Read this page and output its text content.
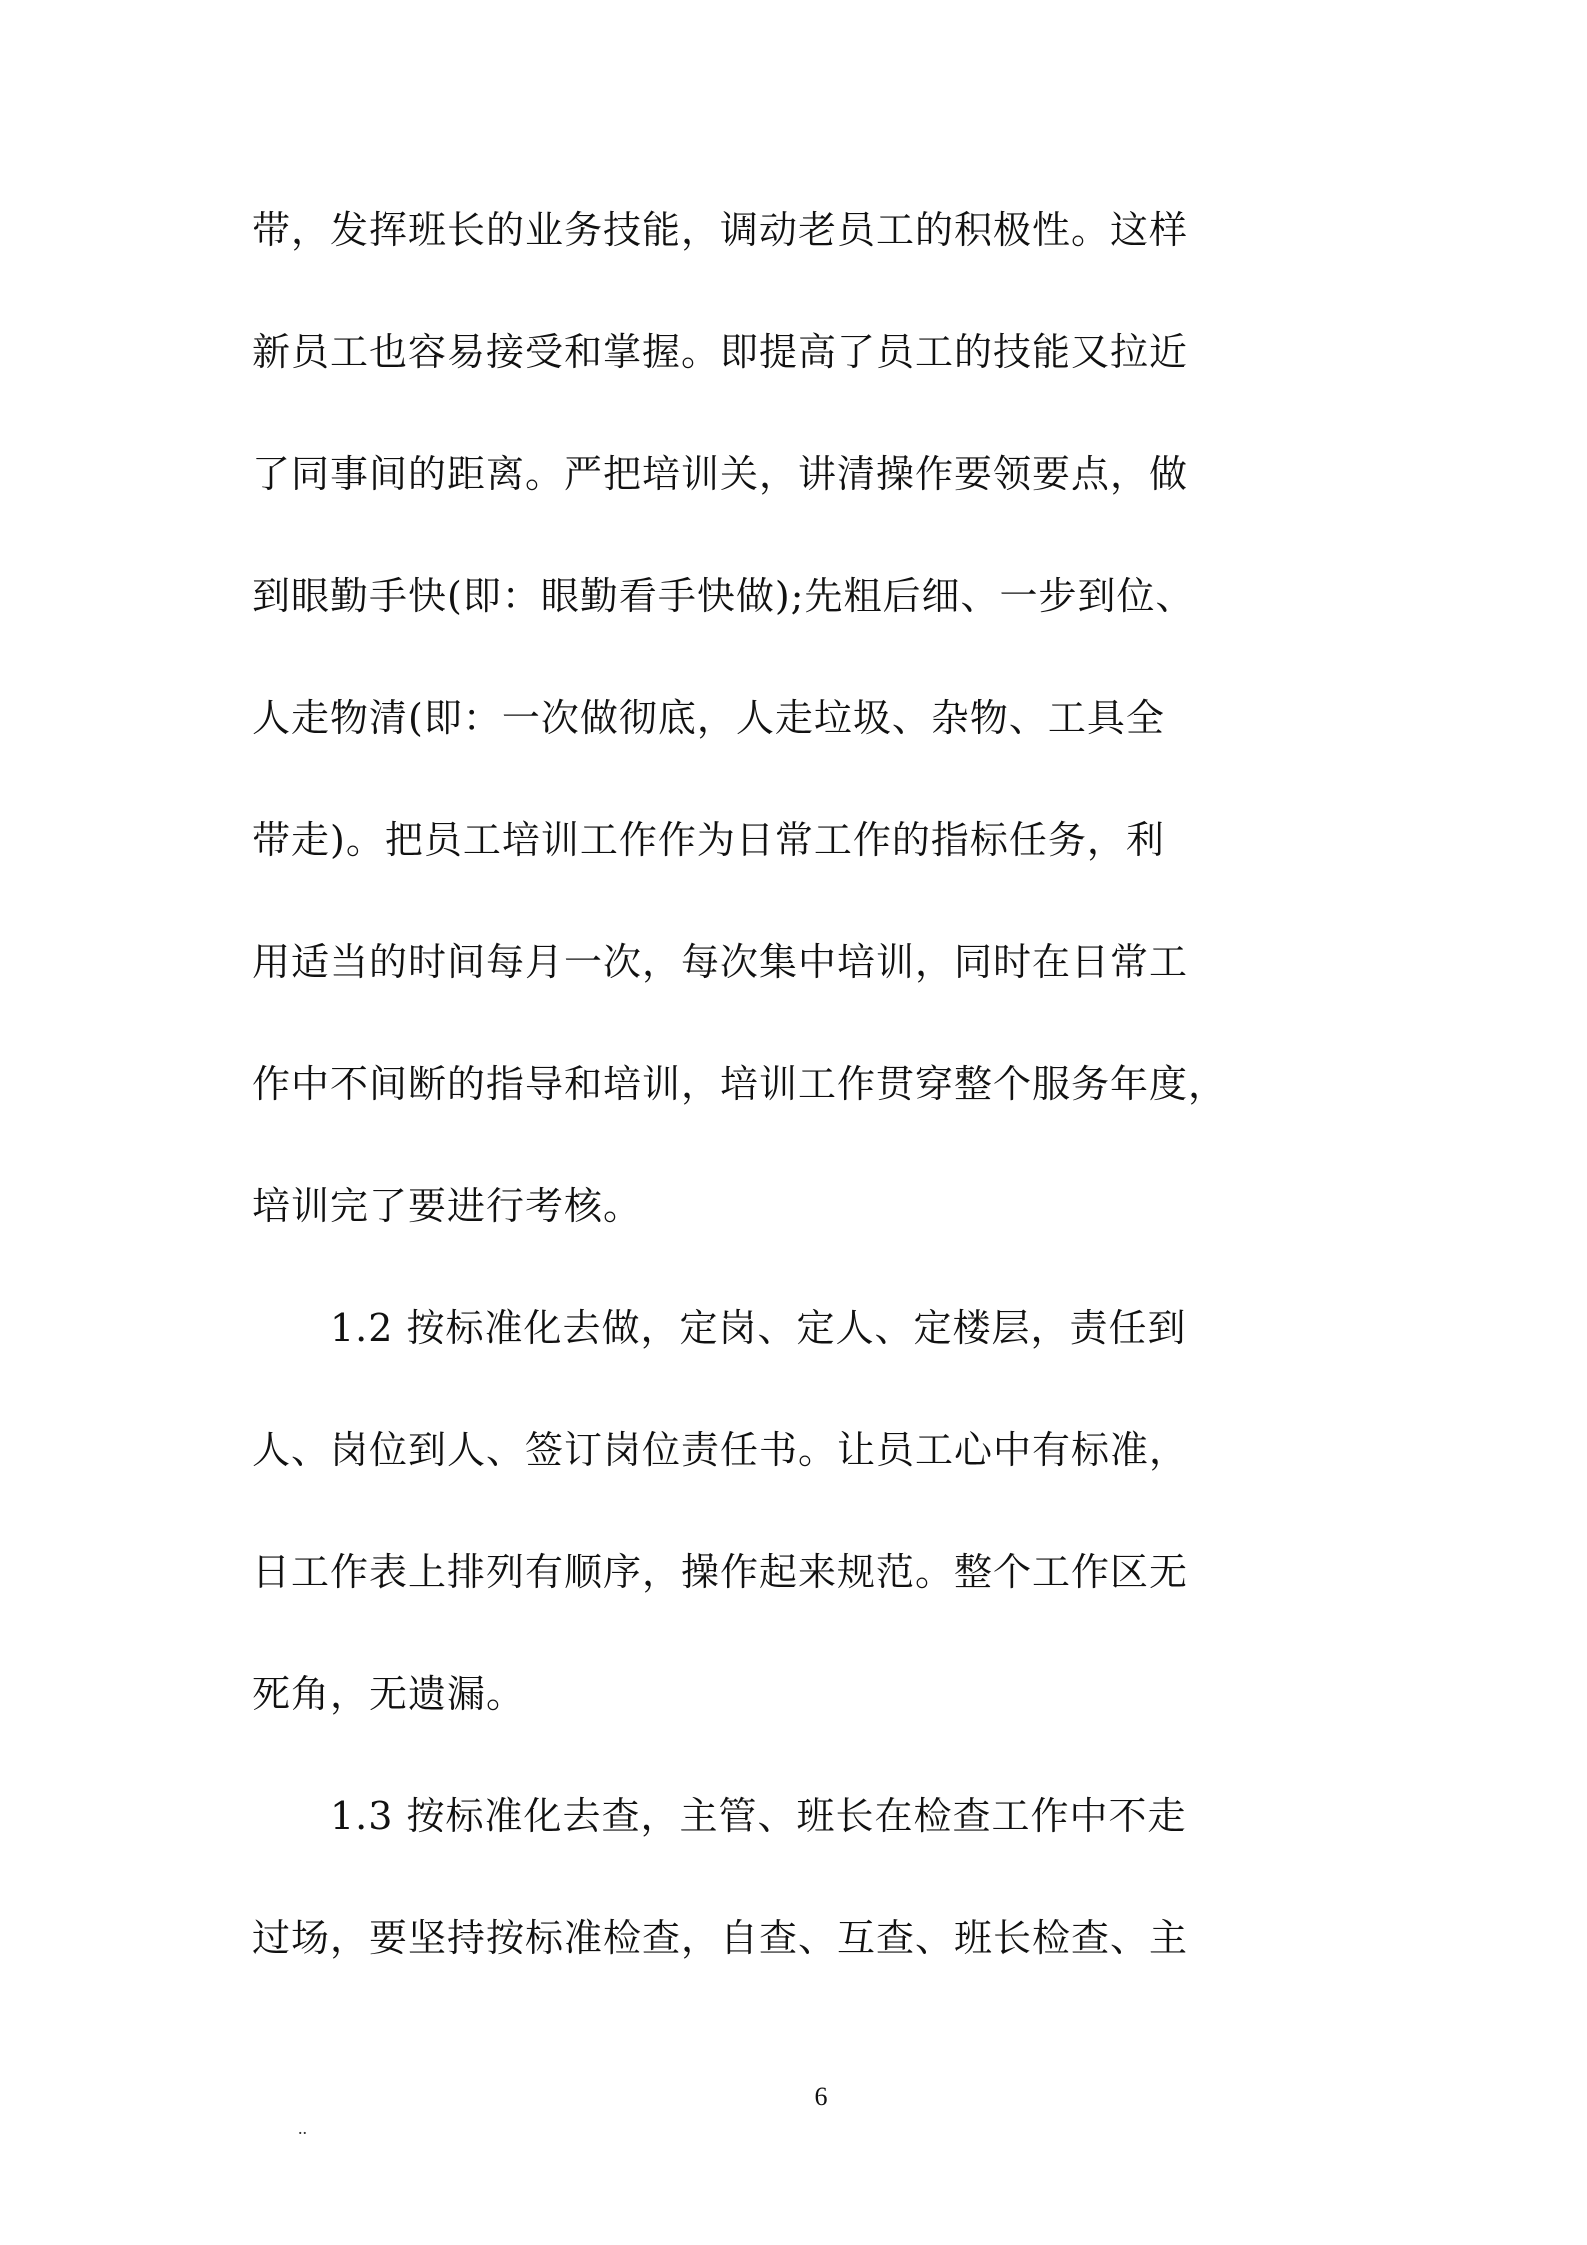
带，发挥班长的业务技能，调动老员工的积极性。这样
新员工也容易接受和掌握。即提高了员工的技能又拉近
了同事间的距离。严把培训关，讲清操作要领要点，做
到眼勤手快(即：眼勤看手快做);先粗后细、一步到位、
人走物清(即：一次做彻底，人走垃圾、杂物、工具全
带走)。把员工培训工作作为日常工作的指标任务，利
用适当的时间每月一次，每次集中培训，同时在日常工
作中不间断的指导和培训，培训工作贯穿整个服务年度，
培训完了要进行考核。
1.2 按标准化去做，定岗、定人、定楼层，责任到
人、岗位到人、签订岗位责任书。让员工心中有标准，
日工作表上排列有顺序，操作起来规范。整个工作区无
死角，无遗漏。
1.3 按标准化去查，主管、班长在检查工作中不走
过场，要坚持按标准检查，自查、互查、班长检查、主
6
..
